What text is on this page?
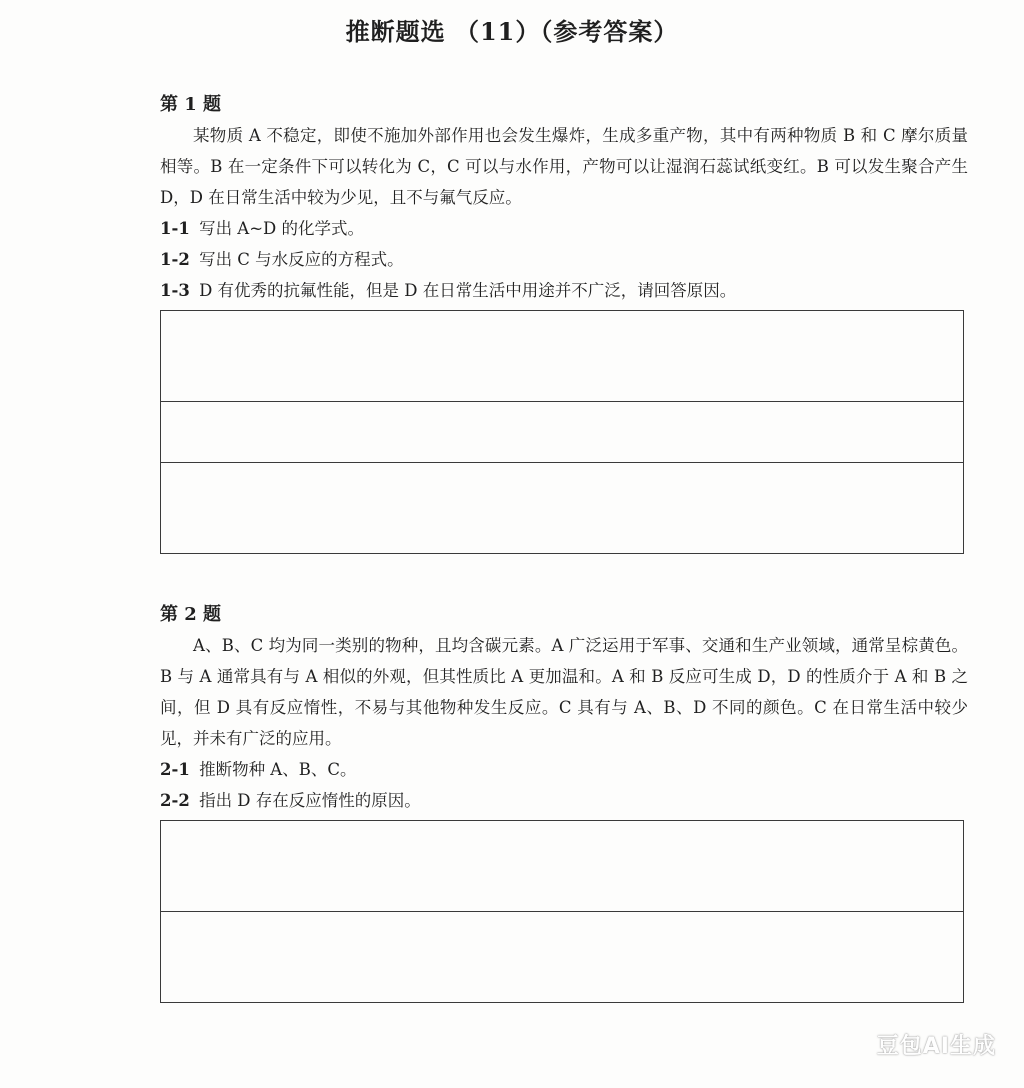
推断题选 （11）（参考答案）

第 1 题

某物质 A 不稳定，即使不施加外部作用也会发生爆炸，生成多重产物，其中有两种物质 B 和 C 摩尔质量相等。B 在一定条件下可以转化为 C，C 可以与水作用，产物可以让湿润石蕊试纸变红。B 可以发生聚合产生 D，D 在日常生活中较为少见，且不与氟气反应。

1-1 写出 A~D 的化学式。

1-2 写出 C 与水反应的方程式。

1-3 D 有优秀的抗氟性能，但是 D 在日常生活中用途并不广泛，请回答原因。

第 2 题

A、B、C 均为同一类别的物种，且均含碳元素。A 广泛运用于军事、交通和生产业领域，通常呈棕黄色。B 与 A 通常具有与 A 相似的外观，但其性质比 A 更加温和。A 和 B 反应可生成 D，D 的性质介于 A 和 B 之间，但 D 具有反应惰性，不易与其他物种发生反应。C 具有与 A、B、D 不同的颜色。C 在日常生活中较少见，并未有广泛的应用。

2-1 推断物种 A、B、C。

2-2 指出 D 存在反应惰性的原因。

豆包AI生成
